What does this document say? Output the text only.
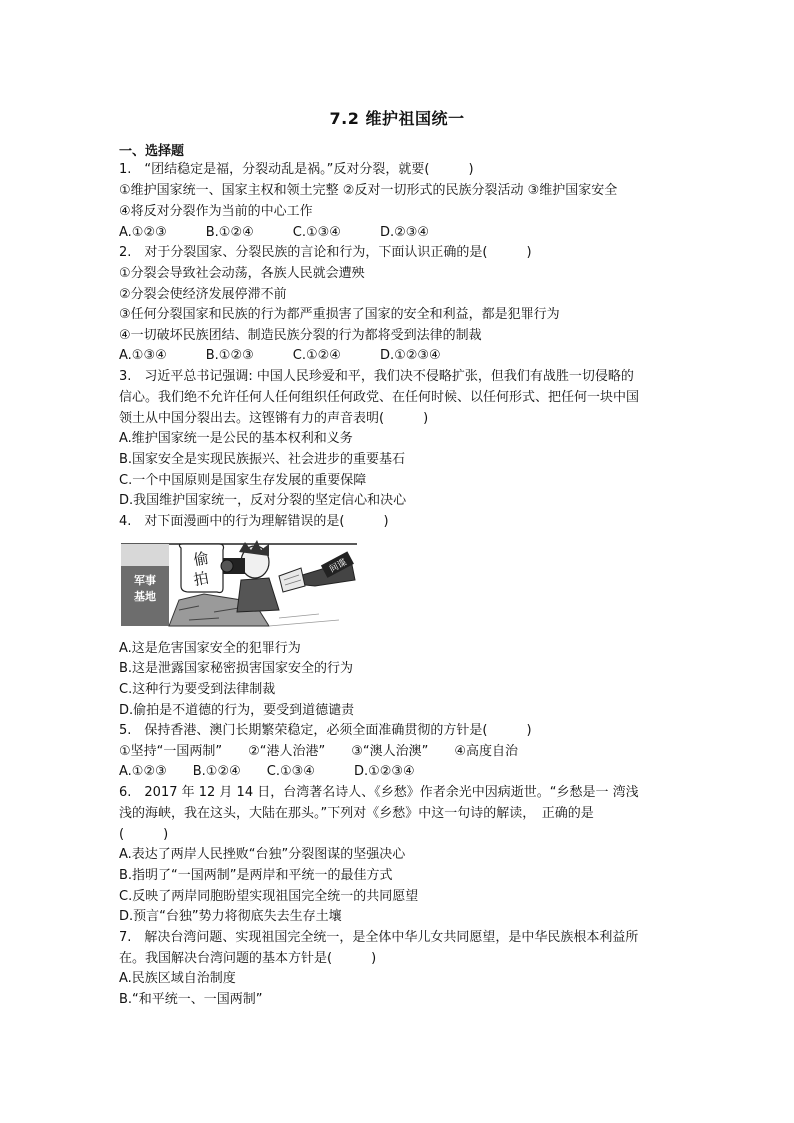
7.2 维护祖国统一
一、选择题
1.　“团结稳定是福，分裂动乱是祸。”反对分裂，就要(　　　)
①维护国家统一、国家主权和领土完整 ②反对一切形式的民族分裂活动 ③维护国家安全
④将反对分裂作为当前的中心工作
A.①②③　　　B.①②④　　　C.①③④　　　D.②③④
2.　对于分裂国家、分裂民族的言论和行为，下面认识正确的是(　　　)
①分裂会导致社会动荡，各族人民就会遭殃
②分裂会使经济发展停滞不前
③任何分裂国家和民族的行为都严重损害了国家的安全和利益，都是犯罪行为
④一切破坏民族团结、制造民族分裂的行为都将受到法律的制裁
A.①③④　　　B.①②③　　　C.①②④　　　D.①②③④
3.　习近平总书记强调: 中国人民珍爱和平，我们决不侵略扩张，但我们有战胜一切侵略的
信心。我们绝不允许任何人任何组织任何政党、在任何时候、以任何形式、把任何一块中国
领土从中国分裂出去。这铿锵有力的声音表明(　　　)
A.维护国家统一是公民的基本权利和义务
B.国家安全是实现民族振兴、社会进步的重要基石
C.一个中国原则是国家生存发展的重要保障
D.我国维护国家统一，反对分裂的坚定信心和决心
4.　对下面漫画中的行为理解错误的是(　　　)
A.这是危害国家安全的犯罪行为
B.这是泄露国家秘密损害国家安全的行为
C.这种行为要受到法律制裁
D.偷拍是不道德的行为，要受到道德谴责
5.　保持香港、澳门长期繁荣稳定，必须全面准确贯彻的方针是(　　　)
①坚持“一国两制”　　②“港人治港”　　③“澳人治澳”　　④高度自治
A.①②③　　B.①②④　　C.①③④　　　D.①②③④
6.　2017 年 12 月 14 日，台湾著名诗人、《乡愁》作者余光中因病逝世。“乡愁是一 湾浅
浅的海峡，我在这头，大陆在那头。”下列对《乡愁》中这一句诗的解读，　正确的是
(　　　)
A.表达了两岸人民挫败“台独”分裂图谋的坚强决心
B.指明了“一国两制”是两岸和平统一的最佳方式
C.反映了两岸同胞盼望实现祖国完全统一的共同愿望
D.预言“台独”势力将彻底失去生存土壤
7.　解决台湾问题、实现祖国完全统一，是全体中华儿女共同愿望，是中华民族根本利益所
在。我国解决台湾问题的基本方针是(　　　)
A.民族区域自治制度
B.“和平统一、一国两制”
军事
基地
偷
拍
间谍
